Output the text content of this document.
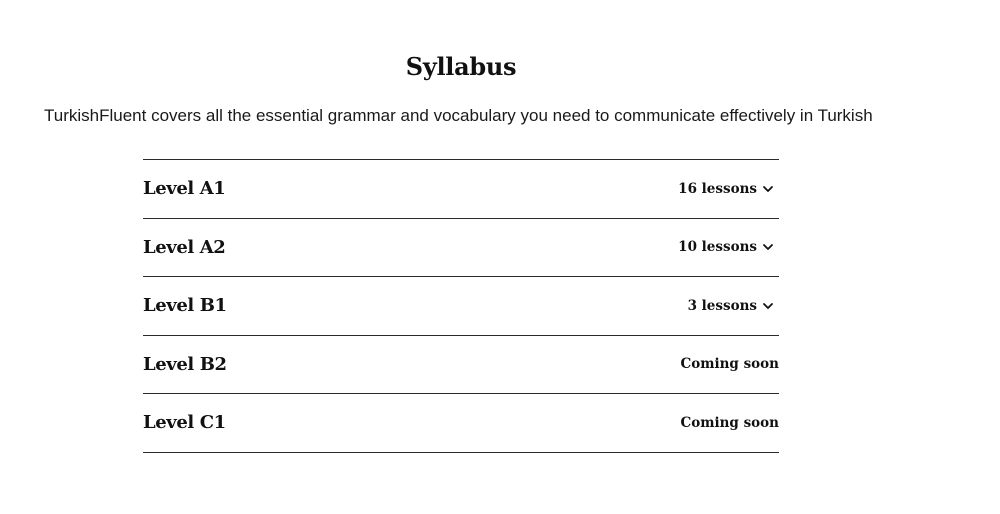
Syllabus
TurkishFluent covers all the essential grammar and vocabulary you need to communicate effectively in Turkish
Level A1	16 lessons
Level A2	10 lessons
Level B1	3 lessons
Level B2	Coming soon
Level C1	Coming soon
